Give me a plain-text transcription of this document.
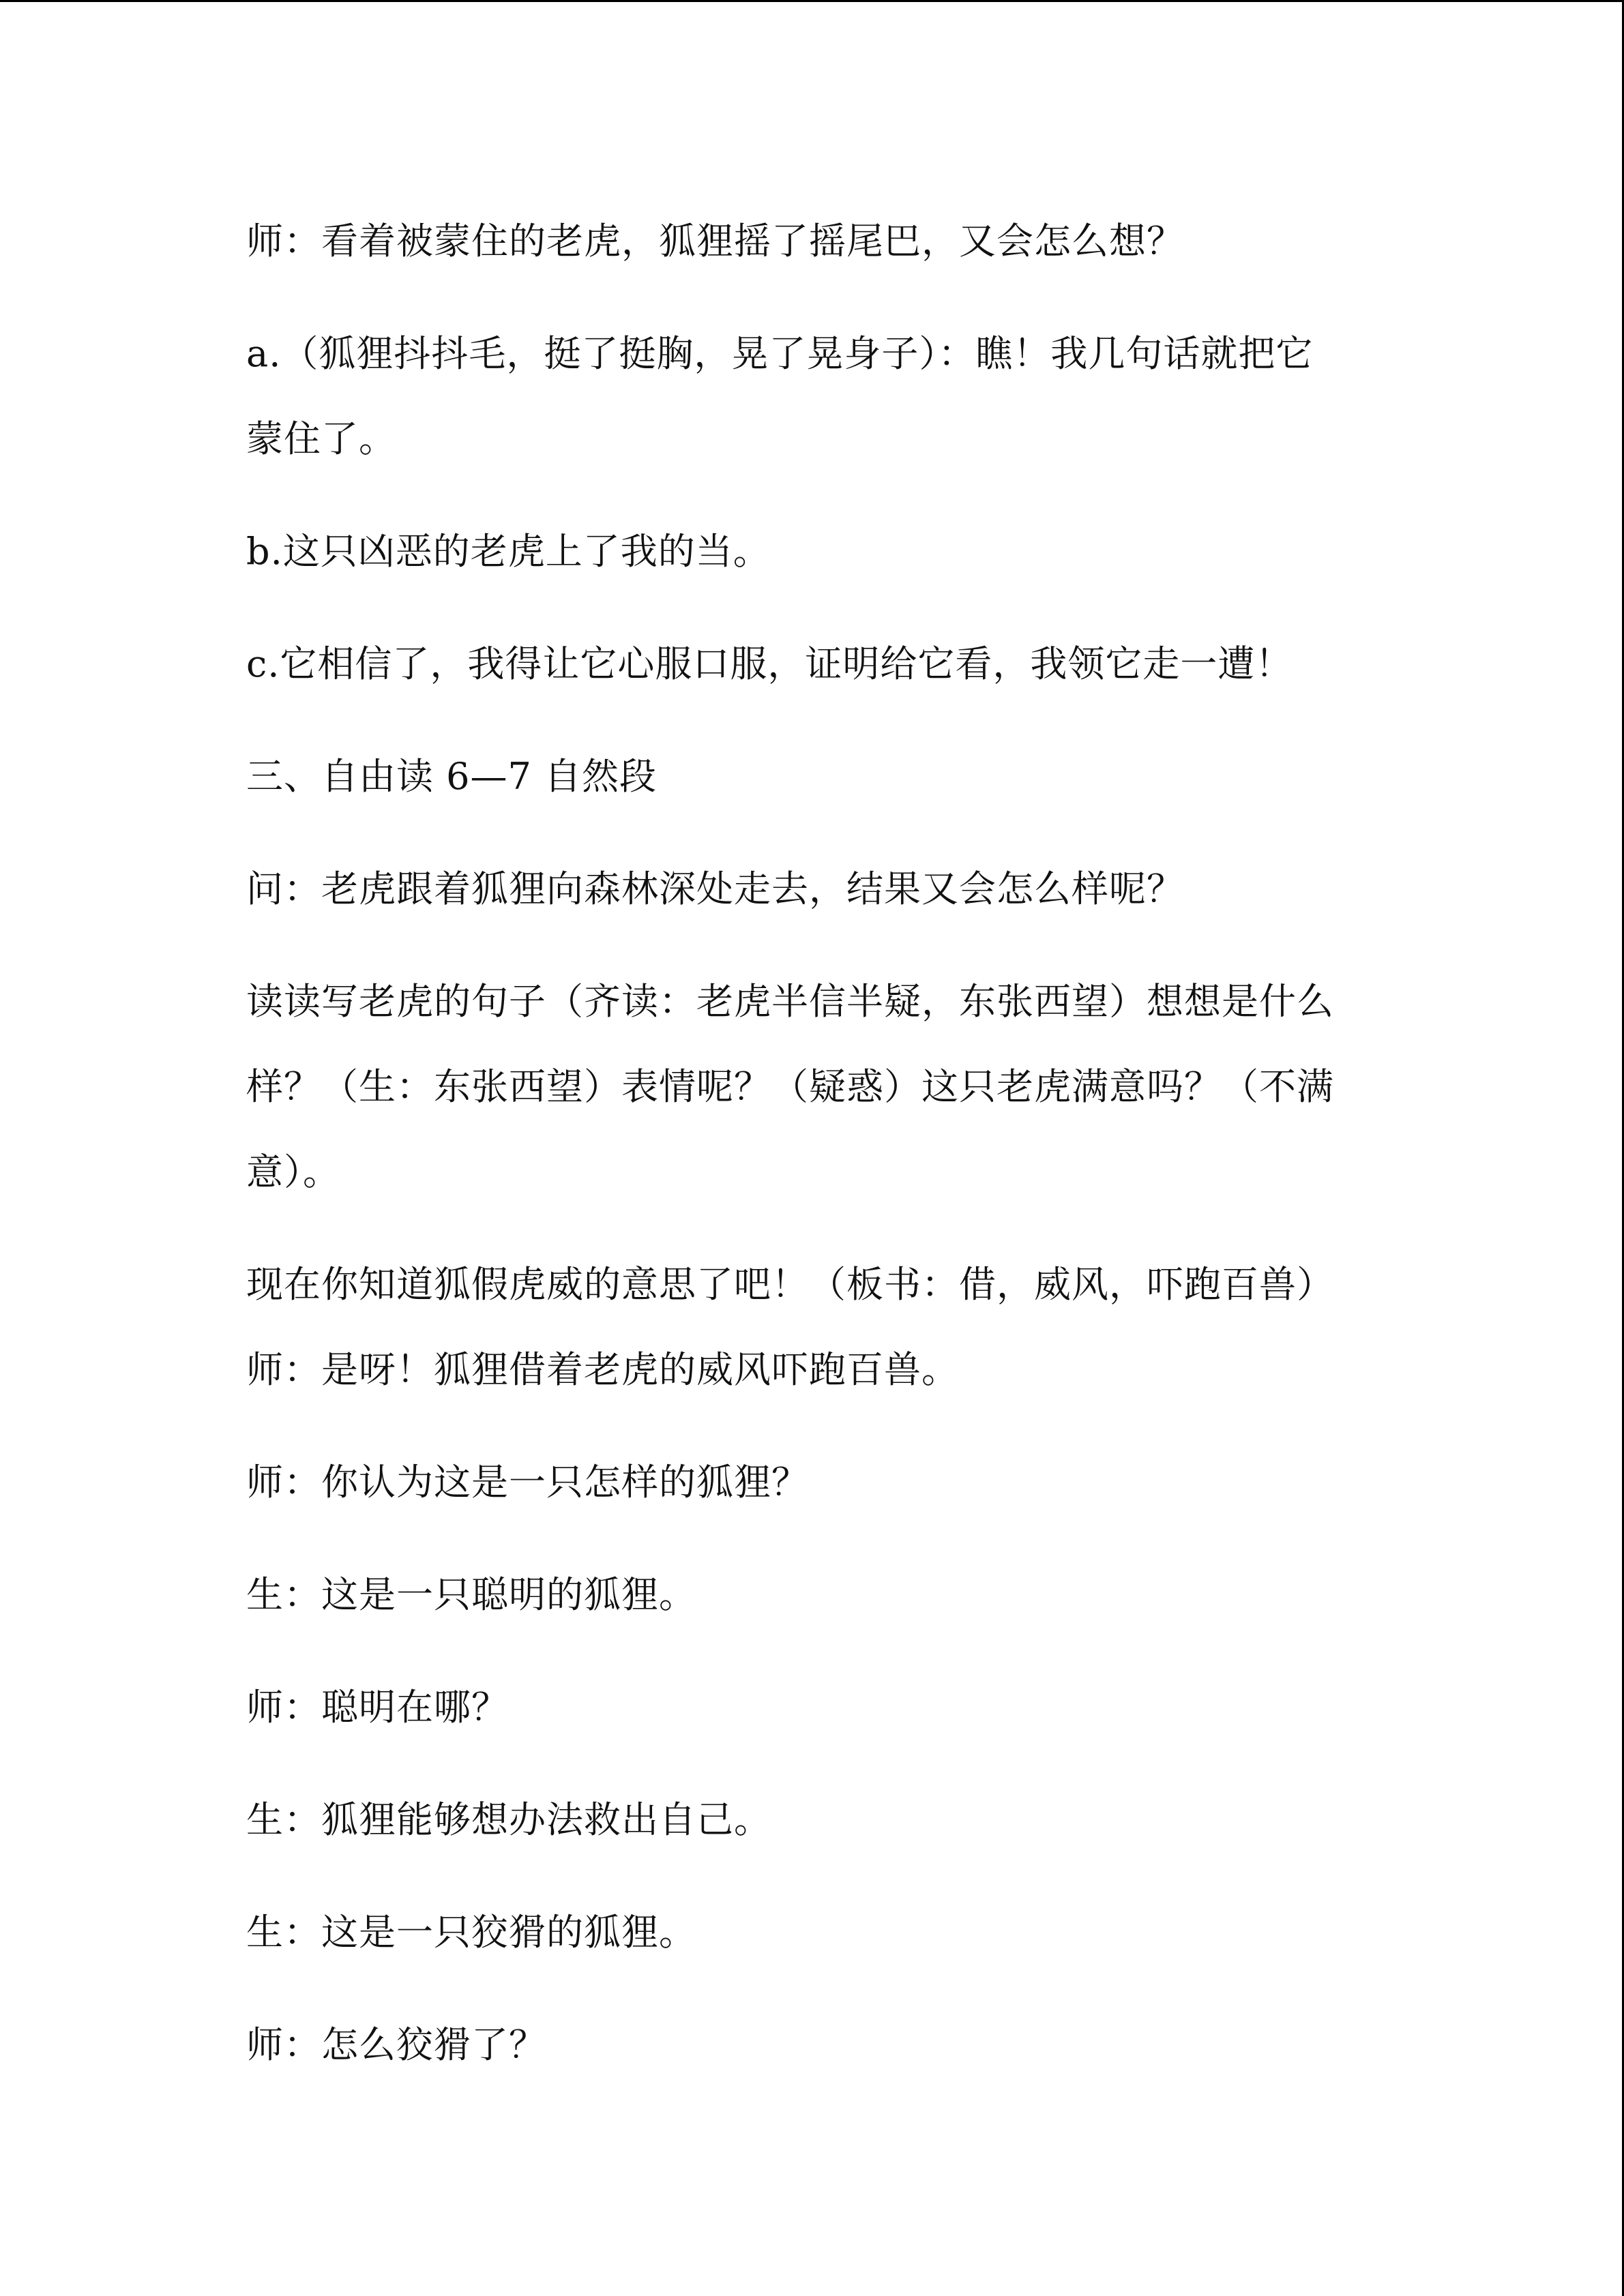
师：看着被蒙住的老虎，狐狸摇了摇尾巴，又会怎么想？
a.（狐狸抖抖毛，挺了挺胸，晃了晃身子）：瞧！我几句话就把它
蒙住了。
b.这只凶恶的老虎上了我的当。
c.它相信了，我得让它心服口服，证明给它看，我领它走一遭！
三、自由读 6—7 自然段
问：老虎跟着狐狸向森林深处走去，结果又会怎么样呢？
读读写老虎的句子（齐读：老虎半信半疑，东张西望）想想是什么
样？（生：东张西望）表情呢？（疑惑）这只老虎满意吗？（不满
意）。
现在你知道狐假虎威的意思了吧！（板书：借，威风，吓跑百兽）
师：是呀！狐狸借着老虎的威风吓跑百兽。
师：你认为这是一只怎样的狐狸？
生：这是一只聪明的狐狸。
师：聪明在哪？
生：狐狸能够想办法救出自己。
生：这是一只狡猾的狐狸。
师：怎么狡猾了？
